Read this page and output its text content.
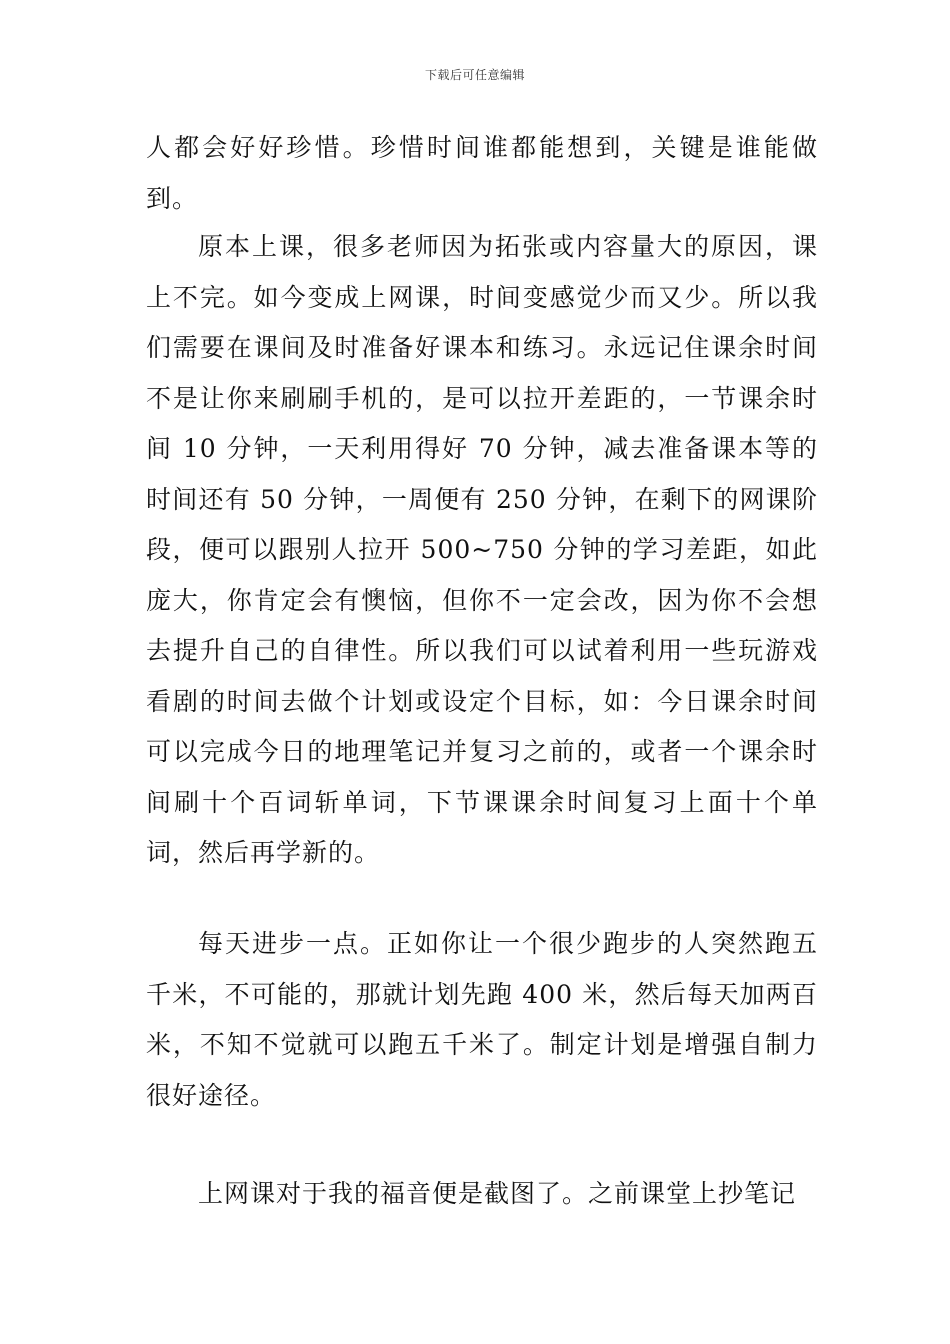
下载后可任意编辑

人都会好好珍惜。珍惜时间谁都能想到，关键是谁能做到。

原本上课，很多老师因为拓张或内容量大的原因，课上不完。如今变成上网课，时间变感觉少而又少。所以我们需要在课间及时准备好课本和练习。永远记住课余时间不是让你来刷刷手机的，是可以拉开差距的，一节课余时间 10 分钟，一天利用得好 70 分钟，减去准备课本等的时间还有 50 分钟，一周便有 250 分钟，在剩下的网课阶段，便可以跟别人拉开 500~750 分钟的学习差距，如此庞大，你肯定会有懊恼，但你不一定会改，因为你不会想去提升自己的自律性。所以我们可以试着利用一些玩游戏看剧的时间去做个计划或设定个目标，如：今日课余时间可以完成今日的地理笔记并复习之前的，或者一个课余时间刷十个百词斩单词，下节课课余时间复习上面十个单词，然后再学新的。

每天进步一点。正如你让一个很少跑步的人突然跑五千米，不可能的，那就计划先跑 400 米，然后每天加两百米，不知不觉就可以跑五千米了。制定计划是增强自制力很好途径。

上网课对于我的福音便是截图了。之前课堂上抄笔记
